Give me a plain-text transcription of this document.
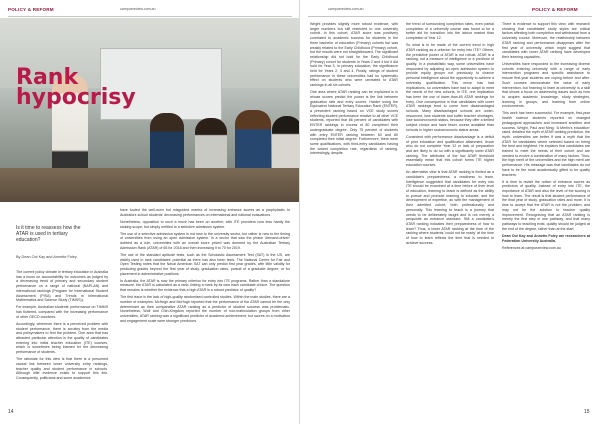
POLICY & REFORM	campusreview.com.au
Rank
hypocrisy
Is it time to reassess how the ATAR is used in tertiary education?
By Dean Ooi Kay and Annette Foley

The current policy climate in tertiary education in Australia has a focus on accountability for outcomes as judged by a decreasing trend of primary and secondary student performance on a range of national (NAPLAN) and international rankings (Program for International Student Assessment (PISA) and Trends in International Mathematics and Science Study (TIMSS)).

For example, Australian students' performance on TIMMS has fluttered, compared with the increasing performance of other OECD countries.

Accordingly, whenever there is a perceived problem with student performance, there is scrutiny from the media and policymakers to find the problem. One area that has attracted particular attention is the quality of candidates entering into initial teacher education (ITE) courses, which is sometimes being blamed for the decreasing performance of students.

The rationale for this view is that there is a presumed causal link between lower university entry rankings, teacher quality and student performance in schools. Although little evidence exists to support this link. Consequently, politicians and some academics

have touted the well-worn but misguided mantra of increasing entrance scores as a prophylactic to Australia's school students' decreasing performances on international and national evaluations.

Nonetheless, opposition to such a move has been on another, with ITE providers now less hardly the stoking scope, but simply entitled to a selective admission system.

The use of a selective admission system is not new to the university sector, but rather is new to the timing of universities from using an open admission system. In a sector that saw the phase 'demand-driven' dubbed as a rule, universities with an overall score priced was deemed by the Australian Tertiary Admission Rank (ATAR) of 65 for 2018 and then increasing it to 70 for 2019.

The use of the standard aptitude tests, such as the Scholastic Assessment Test (SAT) in the US, are widely used in rank candidates' potential as there has also been tests. The National Centre for Fair and Open Testing notes that the Naval American SAT can only predict first year grades, with little validity for predicting grades beyond the first year of study, graduation rates, pursuit of a graduate degree, or for placement in administrative positions.

In Australia, the ATAR is now the primary criterion for entry into ITE programs. Rather than a standalone measure, the ATAR is calculated as a rank: linking a mark by its own each candidate choice. The question that remains is whether the evidence that a high ATAR is a robust predictor of quality?

The first issue is the lack of high-quality randomised controlled studies. Within the main studies, there are a number of examples. McHugh and McHugh reported that the performance of the ATAR cannot be the only determinant as their comparative ATAR ranking as a predictor of student success was problematic. Nonetheless, Wolf and Chin-Kingdom reported the number of non-matriculation groups from other universities, ATAR ranking was a significant predictor of academic achievement; but scores on a motivation and engagement scale were stronger predictors.

14
campusreview.com.au	POLICY & REFORM

Wright provides slightly more robust evidence, with larger numbers but still restricted to one university cohort. In this cohort, ATAR score was positively correlated to academic success for students in the three bachelor of education (Primary) cohorts but was weakly related to the Early Childhood (Primary) cohort, but the results were not straightforward. The significant relationship did not hold for the Early Childhood (Primary) cohort for students in Years 2 and 4 but it did hold for Year 3. In primary education, the significance held for Years 2, 3 and 4. Finally, ratings of student performance in these universities had no systematic effect on students who were unrelated to ATAR rankings in all six cohorts.

One area where ATAR ranking can be explained is in whose scores predict the power is the link between graduation rate and entry scores. Harder using the Equivalent National Tertiary Education Rank (ENTER), a precedent ranking based on VCE study scores reflecting student performance relative to all other VCE students, reported that 66 percent of candidates with ENTER rankings in excess of 80 completed their undergraduate degree. Only 75 percent of students with entry ENTER ranking between 60 and 80 completed their initial degree. Furthermore, there were some qualifications, with third-entry candidates having the lowest completion rate, regardless of ranking. Interestingly, despite

the trend of surrounding completion rates, even partial completion of a university course was found to be a better aid for transition into the labour market than completion of Year 12.

So what is to be made of the current trend in high ATAR ranking as a criterion for entry into ITE? Others, the predictive power of ATAR is not robust. ATAR is a ranking, not a measure of intelligence or a predictor of quality. In a probabilistic way, some universities have responded by adjusting an open admission system to provide equity groups not previously to chance personal intelligence about the opportunity to achieve a university qualification. This move has had implications, so universities have had to adapt to meet the needs of the new cohorts. In ITE, one implication has been the use of lower-than-60 ATAR rankings for entry. One consequence is that candidates with lower ATAR rankings tend to come from disadvantaged schools. Many disadvantaged schools are under-resourced, lose students and suffer teacher shortages, lose socioeconomic status, because they offer a limited subject choice and have fewer course available than schools in higher socioeconomic status areas.

Consistent with performance disadvantage is a deficit of prior education and qualification attainment, those who do not complete Year 12 or lack of preparation and are likely to do so with a significantly lower ATAR ranking. The attributes of the low ATAR threshold essentially mean that this cohort forms ITE higher education courses.

An alternative view is that ATAR ranking is limited as a candidate's preparedness, a readiness to learn. Intelligence suggested that candidates for entry into ITE should be examined at a time before of their level of education, learning to teach is defined as the ability to pursue and promote learning to educate, and the development of expertise, as with the management of their admitted cohort, both professionally and personally. This learning to teach is a journey that needs to be deliberately taught and is not merely a perquisite an entrance standard. Still a candidate's ATAR ranking indicates their preparedness of how to learn? Thus, a lower ATAR ranking at the time of the ranking where students 'could not be ready' at the time of how to learn reflects the time that is needed to achieve success.

There is evidence to support this view, with research showing that candidates' study styles are critical factors affecting both completion and withdrawal from a university course. Moreover, the relationship between ATAR ranking and performance disappears after the first year of university, which might suggest that candidates with lower ATAR ranking have developed their learning capacities.

Universities have responded to the increasing diverse cohorts entering university with a range of early intervention programs and specific assistance to ensure first-year students are coping before and after. Such courses demonstrate the value of early intervention, but 'learning to learn at university' is a skill that shows a focus on addressing issues such as how to acquire academic knowledge, study strategies, learning in groups, and learning from online environments.

This work has been successful. For example, first-year health science students reported on changed pedagogical approaches and increased ambition and success. Wright, Paul and Ming: 'A Merlin's education' rated, detailed the myth of ATAR ranking prediction, the myth. universities are better if was a myth that the ATAR for candidates where selected based on being the best and brightest. He explains that candidates are trained to meet the needs of their cohort and are needed to evolve a combination of many factors. Thus, the high merit of the universities and the high merit are performance. His message was that candidates do not have to be the most academically gifted to be quality teachers.

It is time to revisit the notion of entrance scores as predictors of quality. Instead of entry into ITE, the importance of ATAR and also the level of the scoring is how to learn. The result is that student performance of the final year of study, graduation rates and more. It is time to accept that the ATAR is not the problem, and may not be the solution to teacher quality improvement. Recognising that an ATAR ranking is merely the first step in one pathway, and that many pathways to teaching exist, quality should be judged at the end of the degree, rather than at the start.

Dean Ooi Kay and Annette Foley are researchers at Federation University Australia.

References at campusreview.com.au

15
